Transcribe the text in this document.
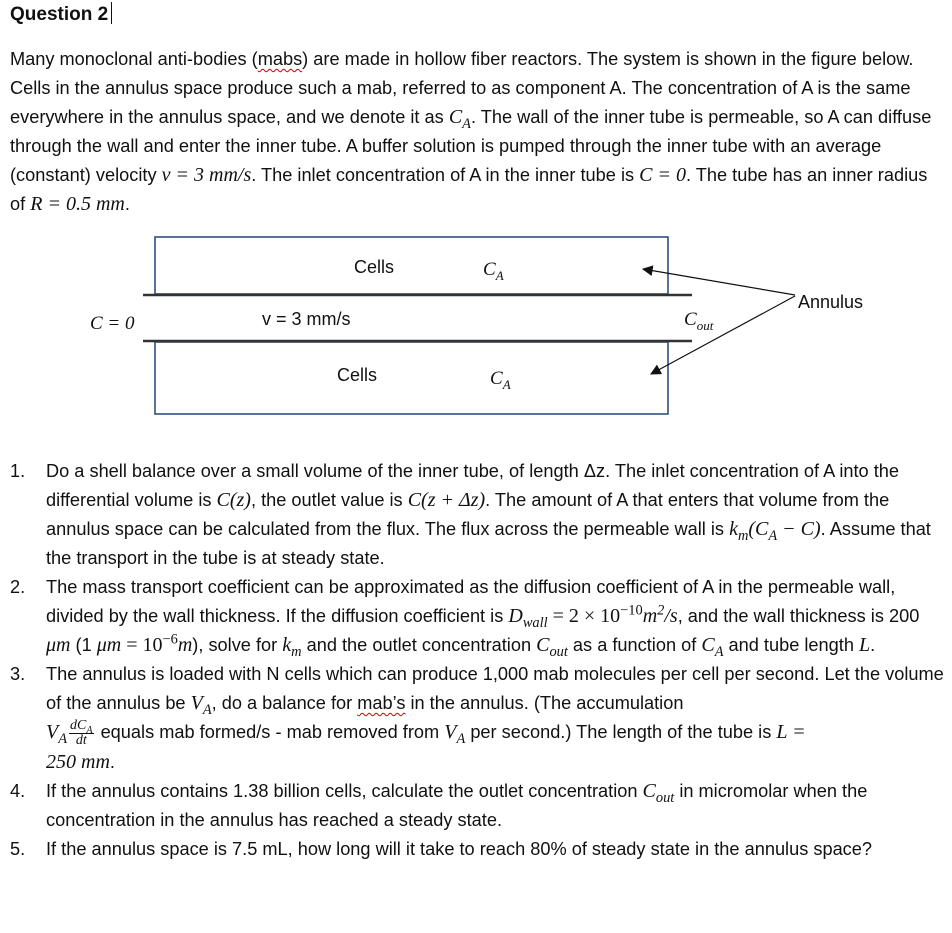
Question 2
Many monoclonal anti-bodies (mabs) are made in hollow fiber reactors. The system is shown in the figure below. Cells in the annulus space produce such a mab, referred to as component A. The concentration of A is the same everywhere in the annulus space, and we denote it as $C_A$. The wall of the inner tube is permeable, so A can diffuse through the wall and enter the inner tube. A buffer solution is pumped through the inner tube with an average (constant) velocity v = 3 mm/s. The inlet concentration of A in the inner tube is C = 0. The tube has an inner radius of R = 0.5 mm.
Cells	$C_A$
Cells	$C_A$
C = 0	v = 3 mm/s	$C_{out}$
Annulus
1.	Do a shell balance over a small volume of the inner tube, of length Δz. The inlet concentration of A into the differential volume is C(z), the outlet value is C(z + Δz). The amount of A that enters that volume from the annulus space can be calculated from the flux. The flux across the permeable wall is $k_m(C_A - C)$. Assume that the transport in the tube is at steady state.
2.	The mass transport coefficient can be approximated as the diffusion coefficient of A in the permeable wall, divided by the wall thickness. If the diffusion coefficient is $D_{wall} = 2 \times 10^{-10}m^2/s$, and the wall thickness is 200 μm (1 $\mu m = 10^{-6}m$), solve for $k_m$ and the outlet concentration $C_{out}$ as a function of $C_A$ and tube length L.
3.	The annulus is loaded with N cells which can produce 1,000 mab molecules per cell per second. Let the volume of the annulus be $V_A$, do a balance for mab’s in the annulus. (The accumulation
$V_A \frac{dC_A}{dt}$ equals mab formed/s - mab removed from $V_A$ per second.) The length of the tube is L =
250 mm.
4.	If the annulus contains 1.38 billion cells, calculate the outlet concentration $C_{out}$ in micromolar when the concentration in the annulus has reached a steady state.
5.	If the annulus space is 7.5 mL, how long will it take to reach 80% of steady state in the annulus space?
